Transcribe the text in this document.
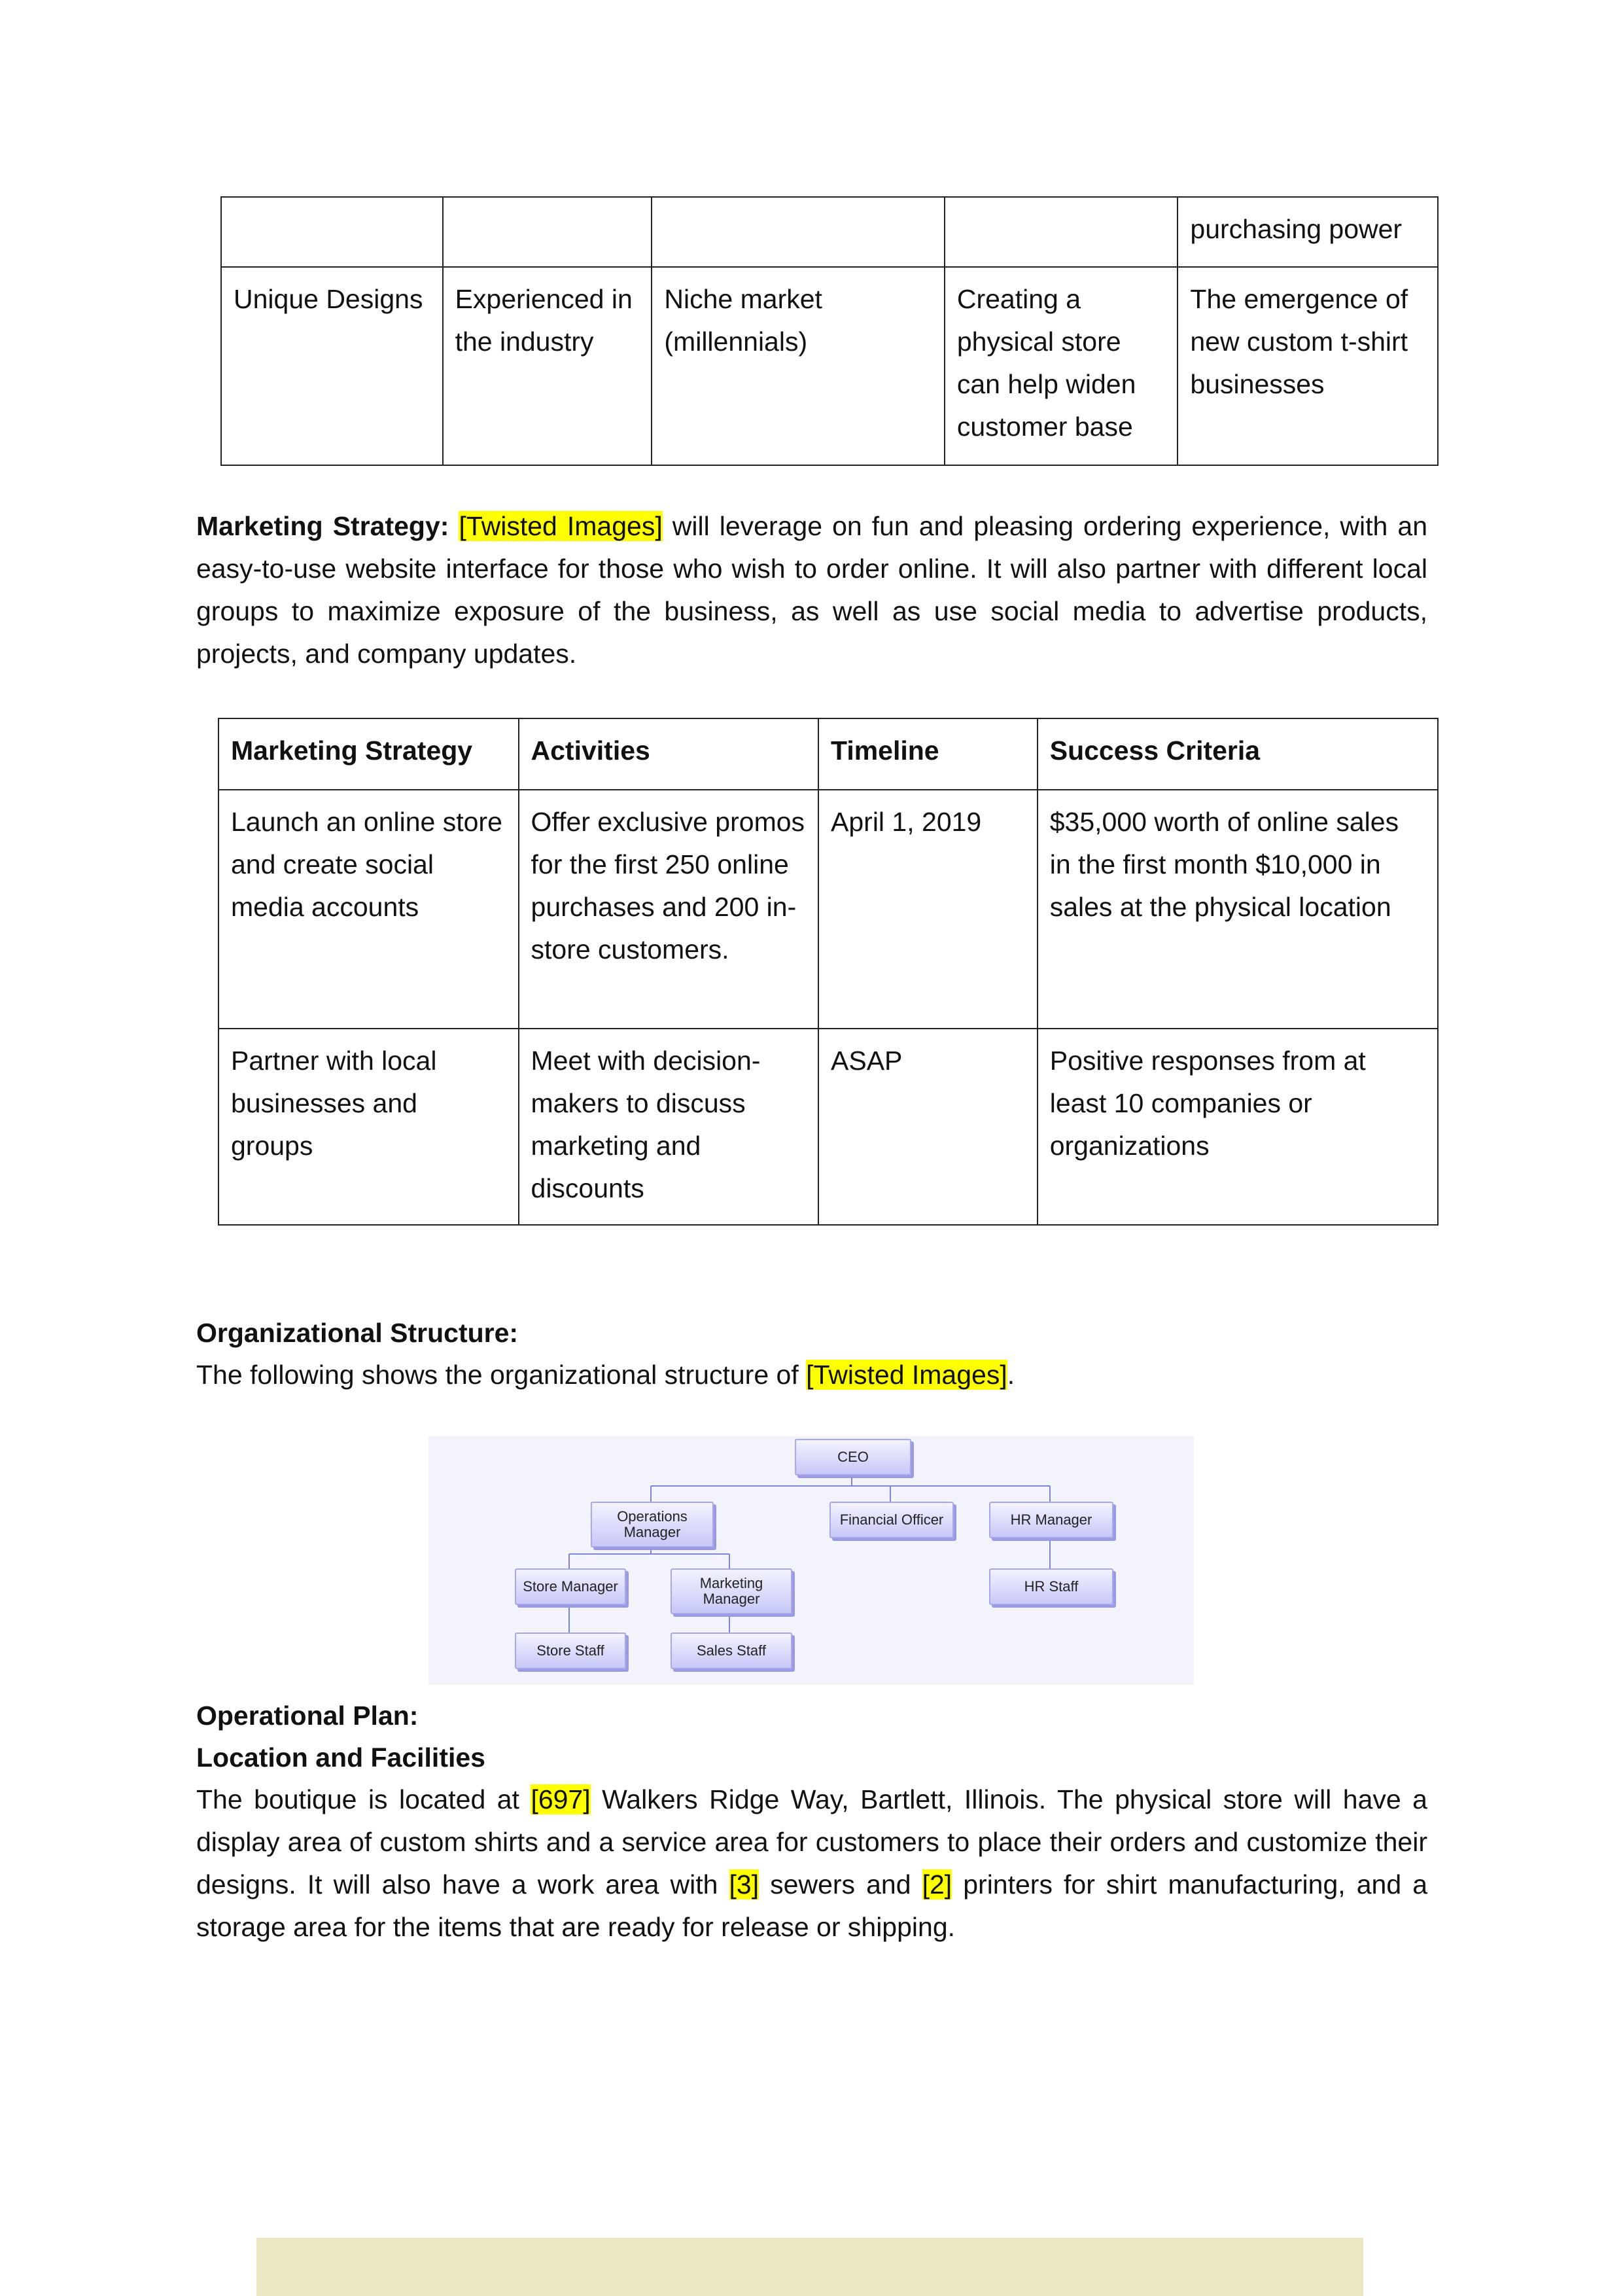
				purchasing power
Unique Designs	Experienced in the industry	Niche market (millennials)	Creating a physical store can help widen customer base	The emergence of new custom t-shirt businesses

Marketing Strategy: [Twisted Images] will leverage on fun and pleasing ordering experience, with an easy-to-use website interface for those who wish to order online. It will also partner with different local groups to maximize exposure of the business, as well as use social media to advertise products, projects, and company updates.

Marketing Strategy	Activities	Timeline	Success Criteria
Launch an online store and create social media accounts	Offer exclusive promos for the first 250 online purchases and 200 in-store customers.	April 1, 2019	$35,000 worth of online sales in the first month $10,000 in sales at the physical location
Partner with local businesses and groups	Meet with decision-makers to discuss marketing and discounts	ASAP	Positive responses from at least 10 companies or organizations
Organizational Structure:
The following shows the organizational structure of [Twisted Images].
CEO
Operations Manager
Financial Officer	HR Manager
Store Manager	Marketing Manager
HR Staff
Store Staff	Sales Staff
Operational Plan:
Location and Facilities

The boutique is located at [697] Walkers Ridge Way, Bartlett, Illinois. The physical store will have a display area of custom shirts and a service area for customers to place their orders and customize their designs. It will also have a work area with [3] sewers and [2] printers for shirt manufacturing, and a storage area for the items that are ready for release or shipping.
